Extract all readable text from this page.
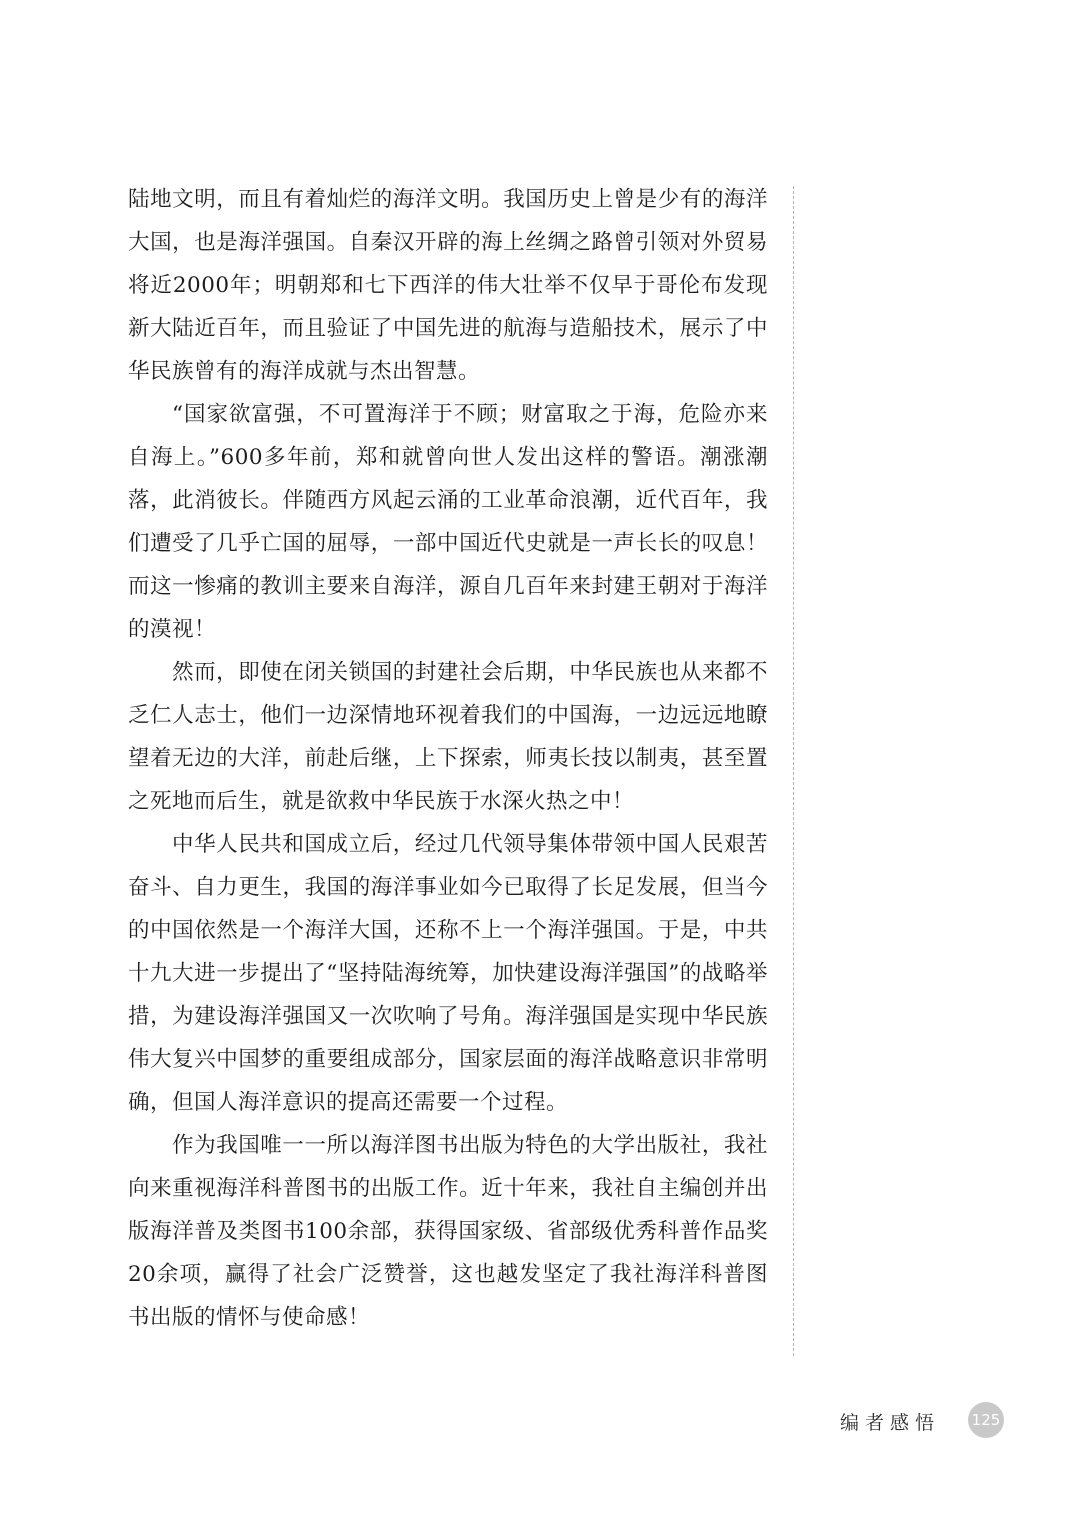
陆地文明，而且有着灿烂的海洋文明。我国历史上曾是少有的海洋大国，也是海洋强国。自秦汉开辟的海上丝绸之路曾引领对外贸易将近2000年；明朝郑和七下西洋的伟大壮举不仅早于哥伦布发现新大陆近百年，而且验证了中国先进的航海与造船技术，展示了中华民族曾有的海洋成就与杰出智慧。

“国家欲富强，不可置海洋于不顾；财富取之于海，危险亦来自海上。”600多年前，郑和就曾向世人发出这样的警语。潮涨潮落，此消彼长。伴随西方风起云涌的工业革命浪潮，近代百年，我们遭受了几乎亡国的屈辱，一部中国近代史就是一声长长的叹息！而这一惨痛的教训主要来自海洋，源自几百年来封建王朝对于海洋的漠视！

然而，即使在闭关锁国的封建社会后期，中华民族也从来都不乏仁人志士，他们一边深情地环视着我们的中国海，一边远远地瞭望着无边的大洋，前赴后继，上下探索，师夷长技以制夷，甚至置之死地而后生，就是欲救中华民族于水深火热之中！

中华人民共和国成立后，经过几代领导集体带领中国人民艰苦奋斗、自力更生，我国的海洋事业如今已取得了长足发展，但当今的中国依然是一个海洋大国，还称不上一个海洋强国。于是，中共十九大进一步提出了“坚持陆海统筹，加快建设海洋强国”的战略举措，为建设海洋强国又一次吹响了号角。海洋强国是实现中华民族伟大复兴中国梦的重要组成部分，国家层面的海洋战略意识非常明确，但国人海洋意识的提高还需要一个过程。

作为我国唯一一所以海洋图书出版为特色的大学出版社，我社向来重视海洋科普图书的出版工作。近十年来，我社自主编创并出版海洋普及类图书100余部，获得国家级、省部级优秀科普作品奖20余项，赢得了社会广泛赞誉，这也越发坚定了我社海洋科普图书出版的情怀与使命感！

编者感悟 125
